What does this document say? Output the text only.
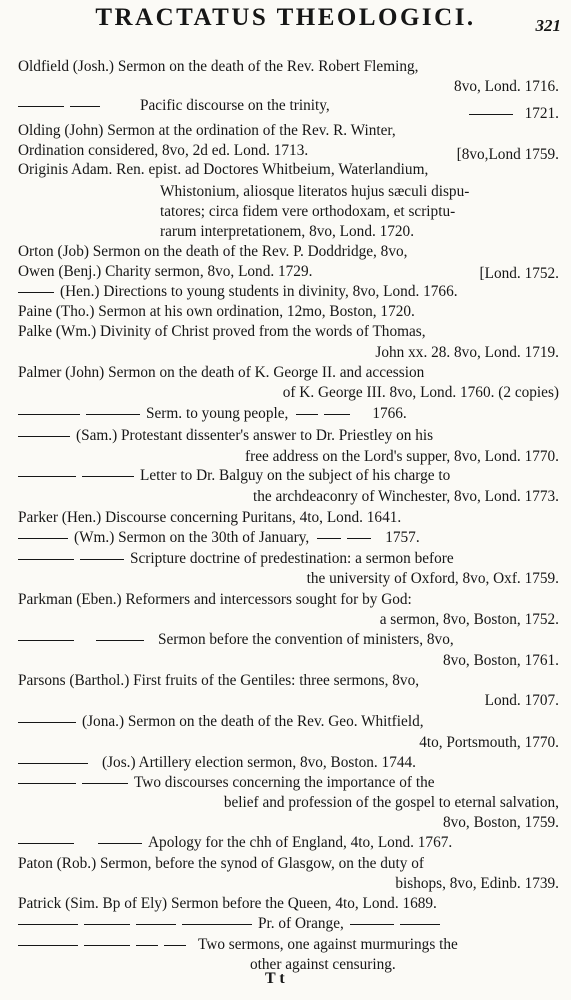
TRACTATUS THEOLOGICI.	321
Oldfield (Josh.) Sermon on the death of the Rev. Robert Fleming,
8vo, Lond. 1716.
Pacific discourse on the trinity,	1721.
Olding (John) Sermon at the ordination of the Rev. R. Winter,
Ordination considered, 8vo, 2d ed. Lond. 1713.	[8vo,Lond 1759.
Originis Adam. Ren. epist. ad Doctores Whitbeium, Waterlandium,
Whistonium, aliosque literatos hujus sæculi dispu-
tatores; circa fidem vere orthodoxam, et scriptu-
rarum interpretationem, 8vo, Lond. 1720.
Orton (Job) Sermon on the death of the Rev. P. Doddridge, 8vo,
Owen (Benj.) Charity sermon, 8vo, Lond. 1729.	[Lond. 1752.
(Hen.) Directions to young students in divinity, 8vo, Lond. 1766.
Paine (Tho.) Sermon at his own ordination, 12mo, Boston, 1720.
Palke (Wm.) Divinity of Christ proved from the words of Thomas,
John xx. 28. 8vo, Lond. 1719.
Palmer (John) Sermon on the death of K. George II. and accession
of K. George III. 8vo, Lond. 1760. (2 copies)
Serm. to young people,	1766.
(Sam.) Protestant dissenter's answer to Dr. Priestley on his
free address on the Lord's supper, 8vo, Lond. 1770.
Letter to Dr. Balguy on the subject of his charge to
the archdeaconry of Winchester, 8vo, Lond. 1773.
Parker (Hen.) Discourse concerning Puritans, 4to, Lond. 1641.
(Wm.) Sermon on the 30th of January,	1757.
Scripture doctrine of predestination: a sermon before
the university of Oxford, 8vo, Oxf. 1759.
Parkman (Eben.) Reformers and intercessors sought for by God:
a sermon, 8vo, Boston, 1752.
Sermon before the convention of ministers, 8vo,
8vo, Boston, 1761.
Parsons (Barthol.) First fruits of the Gentiles: three sermons, 8vo,
Lond. 1707.
(Jona.) Sermon on the death of the Rev. Geo. Whitfield,
4to, Portsmouth, 1770.
(Jos.) Artillery election sermon, 8vo, Boston. 1744.
Two discourses concerning the importance of the
belief and profession of the gospel to eternal salvation,
8vo, Boston, 1759.
Apology for the chh of England, 4to, Lond. 1767.
Paton (Rob.) Sermon, before the synod of Glasgow, on the duty of
bishops, 8vo, Edinb. 1739.
Patrick (Sim. Bp of Ely) Sermon before the Queen, 4to, Lond. 1689.
Pr. of Orange,
Two sermons, one against murmurings the
other against censuring.
T t
